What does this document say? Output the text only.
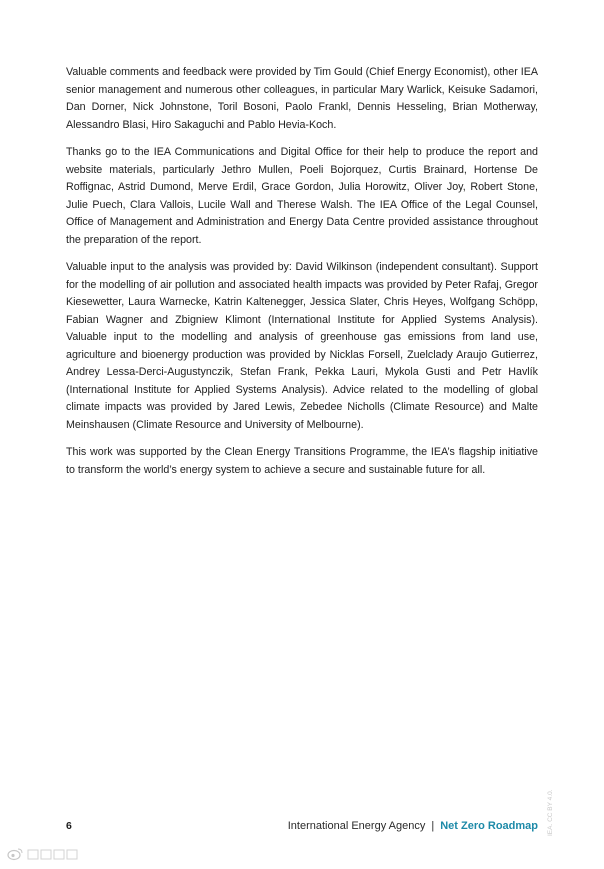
Valuable comments and feedback were provided by Tim Gould (Chief Energy Economist), other IEA senior management and numerous other colleagues, in particular Mary Warlick, Keisuke Sadamori, Dan Dorner, Nick Johnstone, Toril Bosoni, Paolo Frankl, Dennis Hesseling, Brian Motherway, Alessandro Blasi, Hiro Sakaguchi and Pablo Hevia-Koch.

Thanks go to the IEA Communications and Digital Office for their help to produce the report and website materials, particularly Jethro Mullen, Poeli Bojorquez, Curtis Brainard, Hortense De Roffignac, Astrid Dumond, Merve Erdil, Grace Gordon, Julia Horowitz, Oliver Joy, Robert Stone, Julie Puech, Clara Vallois, Lucile Wall and Therese Walsh. The IEA Office of the Legal Counsel, Office of Management and Administration and Energy Data Centre provided assistance throughout the preparation of the report.

Valuable input to the analysis was provided by: David Wilkinson (independent consultant). Support for the modelling of air pollution and associated health impacts was provided by Peter Rafaj, Gregor Kiesewetter, Laura Warnecke, Katrin Kaltenegger, Jessica Slater, Chris Heyes, Wolfgang Schöpp, Fabian Wagner and Zbigniew Klimont (International Institute for Applied Systems Analysis). Valuable input to the modelling and analysis of greenhouse gas emissions from land use, agriculture and bioenergy production was provided by Nicklas Forsell, Zuelclady Araujo Gutierrez, Andrey Lessa-Derci-Augustynczik, Stefan Frank, Pekka Lauri, Mykola Gusti and Petr Havlík (International Institute for Applied Systems Analysis). Advice related to the modelling of global climate impacts was provided by Jared Lewis, Zebedee Nicholls (Climate Resource) and Malte Meinshausen (Climate Resource and University of Melbourne).

This work was supported by the Clean Energy Transitions Programme, the IEA’s flagship initiative to transform the world’s energy system to achieve a secure and sustainable future for all.

6	International Energy Agency | Net Zero Roadmap IEA. CC BY 4.0.
